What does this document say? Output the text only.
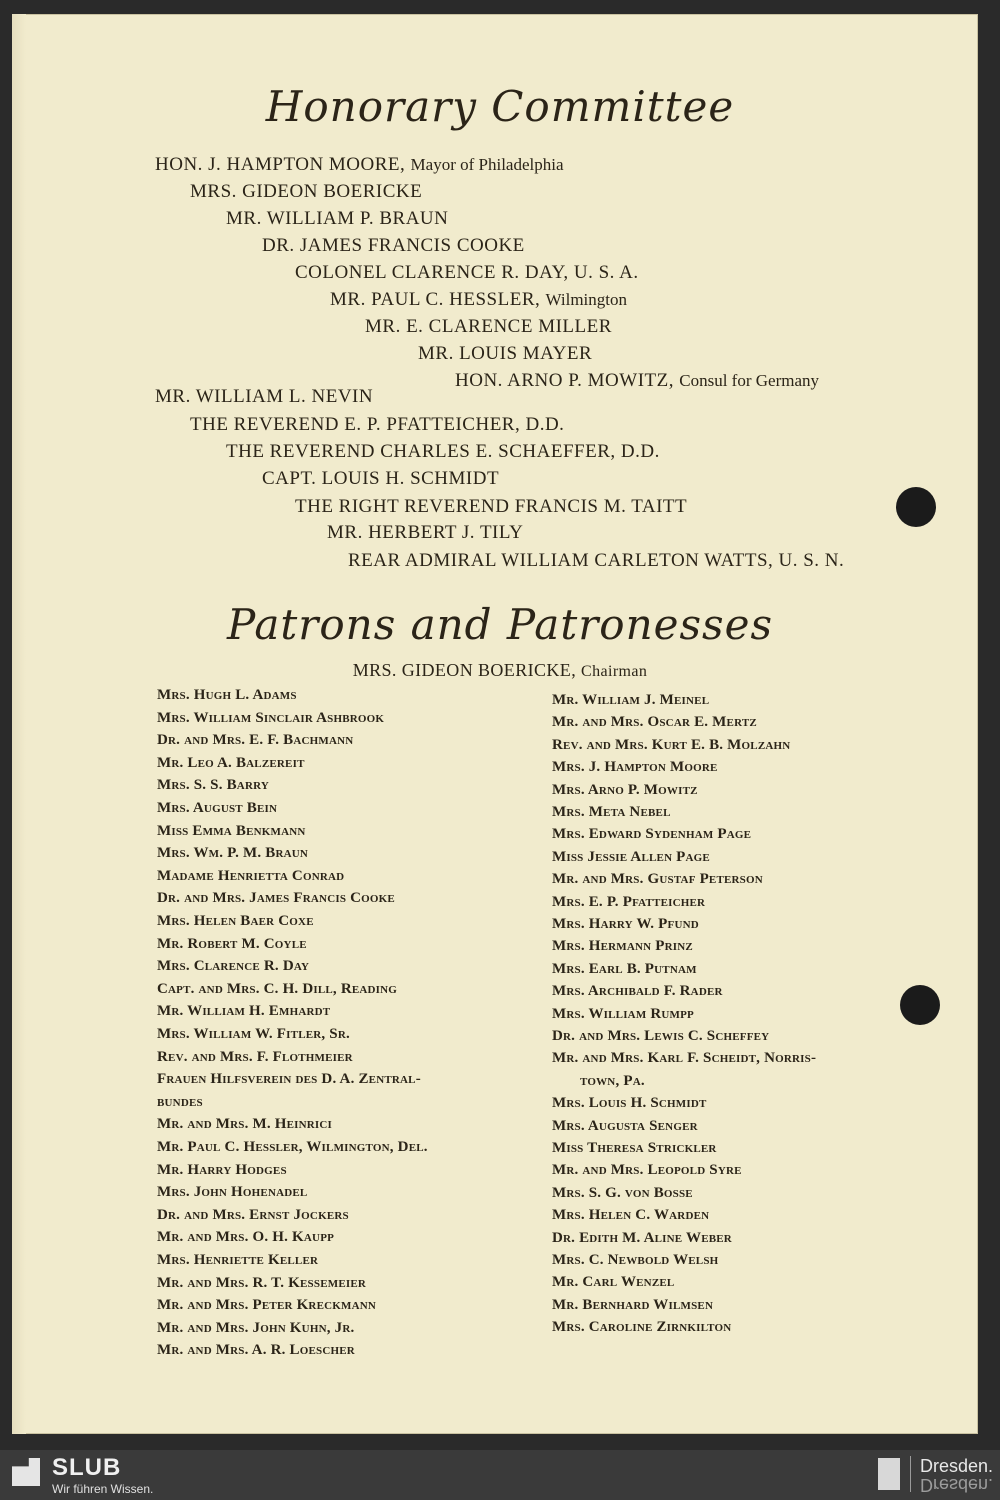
Honorary Committee
HON. J. HAMPTON MOORE, Mayor of Philadelphia
MRS. GIDEON BOERICKE
MR. WILLIAM P. BRAUN
DR. JAMES FRANCIS COOKE
COLONEL CLARENCE R. DAY, U. S. A.
MR. PAUL C. HESSLER, Wilmington
MR. E. CLARENCE MILLER
MR. LOUIS MAYER
HON. ARNO P. MOWITZ, Consul for Germany
MR. WILLIAM L. NEVIN
THE REVEREND E. P. PFATTEICHER, D.D.
THE REVEREND CHARLES E. SCHAEFFER, D.D.
CAPT. LOUIS H. SCHMIDT
THE RIGHT REVEREND FRANCIS M. TAITT
MR. HERBERT J. TILY
REAR ADMIRAL WILLIAM CARLETON WATTS, U. S. N.
Patrons and Patronesses
MRS. GIDEON BOERICKE, Chairman
Mrs. Hugh L. Adams
Mrs. William Sinclair Ashbrook
Dr. and Mrs. E. F. Bachmann
Mr. Leo A. Balzereit
Mrs. S. S. Barry
Mrs. August Bein
Miss Emma Benkmann
Mrs. Wm. P. M. Braun
Madame Henrietta Conrad
Dr. and Mrs. James Francis Cooke
Mrs. Helen Baer Coxe
Mr. Robert M. Coyle
Mrs. Clarence R. Day
Capt. and Mrs. C. H. Dill, Reading
Mr. William H. Emhardt
Mrs. William W. Fitler, Sr.
Rev. and Mrs. F. Flothmeier
Frauen Hilfsverein des D. A. Zentral-
bundes
Mr. and Mrs. M. Heinrici
Mr. Paul C. Hessler, Wilmington, Del.
Mr. Harry Hodges
Mrs. John Hohenadel
Dr. and Mrs. Ernst Jockers
Mr. and Mrs. O. H. Kaupp
Mrs. Henriette Keller
Mr. and Mrs. R. T. Kessemeier
Mr. and Mrs. Peter Kreckmann
Mr. and Mrs. John Kuhn, Jr.
Mr. and Mrs. A. R. Loescher
Mr. William J. Meinel
Mr. and Mrs. Oscar E. Mertz
Rev. and Mrs. Kurt E. B. Molzahn
Mrs. J. Hampton Moore
Mrs. Arno P. Mowitz
Mrs. Meta Nebel
Mrs. Edward Sydenham Page
Miss Jessie Allen Page
Mr. and Mrs. Gustaf Peterson
Mrs. E. P. Pfatteicher
Mrs. Harry W. Pfund
Mrs. Hermann Prinz
Mrs. Earl B. Putnam
Mrs. Archibald F. Rader
Mrs. William Rumpp
Dr. and Mrs. Lewis C. Scheffey
Mr. and Mrs. Karl F. Scheidt, Norris-
town, Pa.
Mrs. Louis H. Schmidt
Mrs. Augusta Senger
Miss Theresa Strickler
Mr. and Mrs. Leopold Syre
Mrs. S. G. von Bosse
Mrs. Helen C. Warden
Dr. Edith M. Aline Weber
Mrs. C. Newbold Welsh
Mr. Carl Wenzel
Mr. Bernhard Wilmsen
Mrs. Caroline Zirnkilton
SLUB
Wir führen Wissen.
Dresden.
Dresden.
